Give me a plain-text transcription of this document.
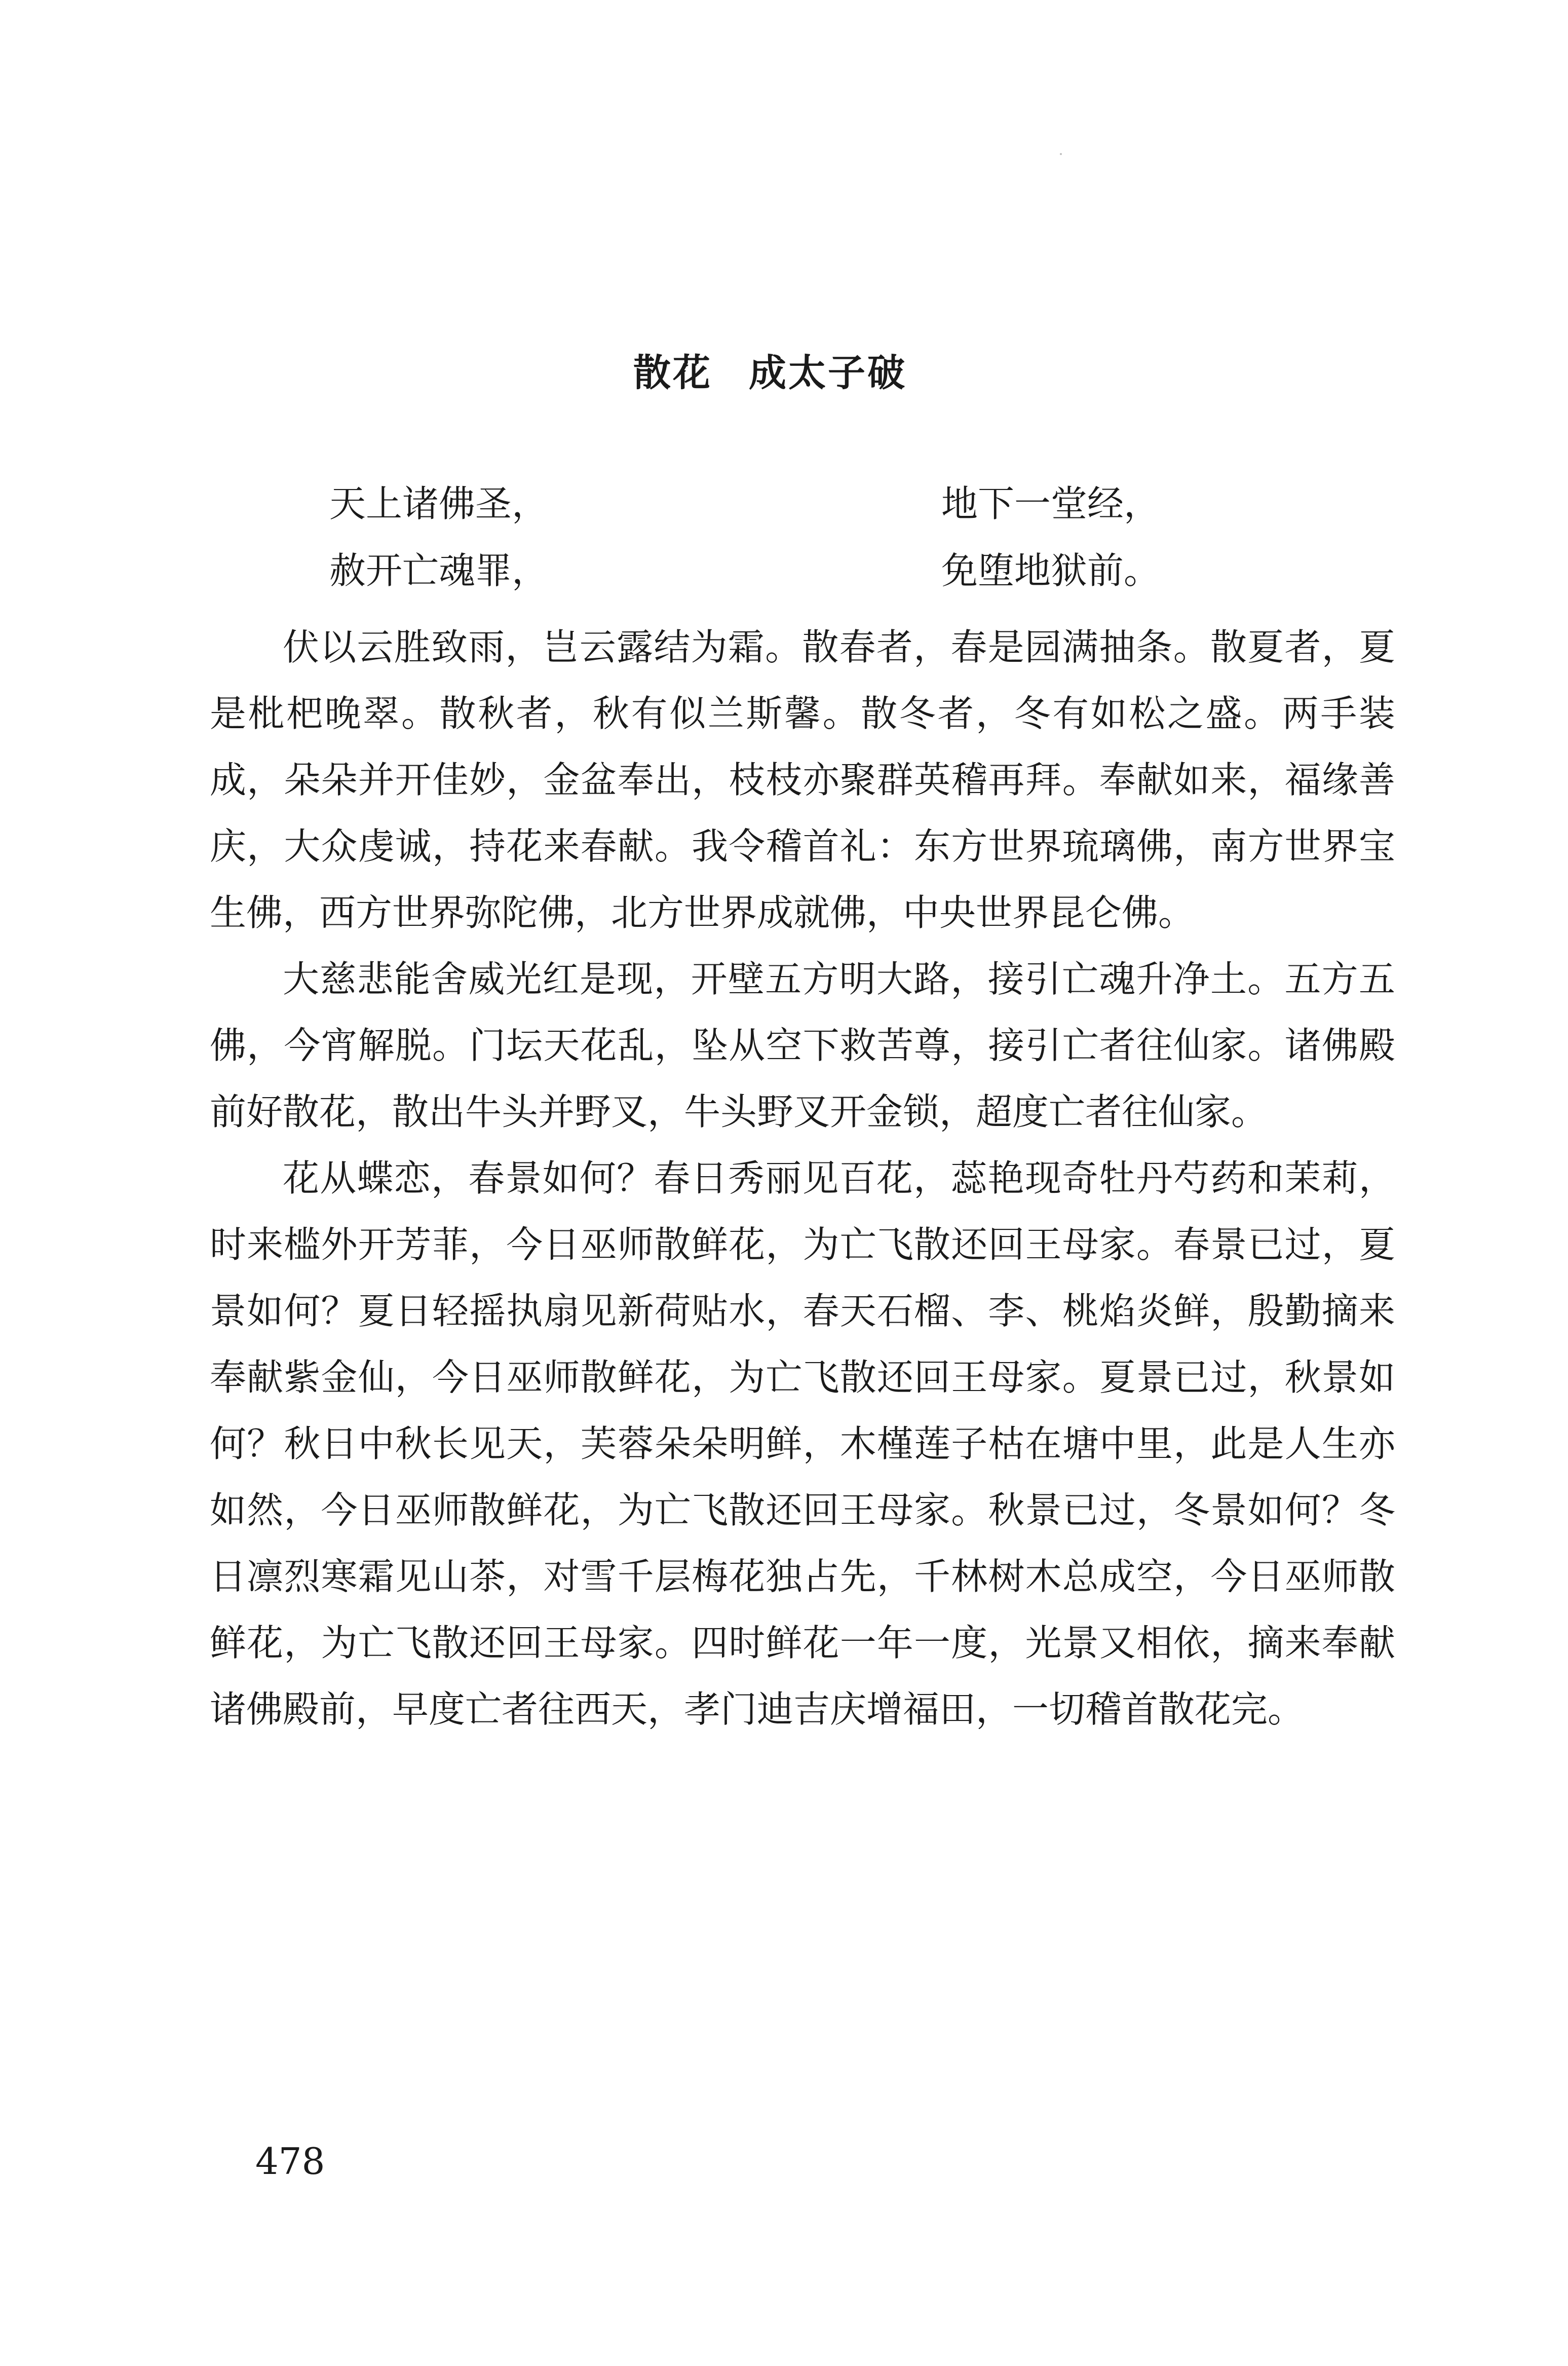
散花 成太子破
天上诸佛圣，	地下一堂经，
赦开亡魂罪，	免堕地狱前。

伏以云胜致雨，岂云露结为霜。散春者，春是园满抽条。散夏者，夏是枇杷晚翠。散秋者，秋有似兰斯馨。散冬者，冬有如松之盛。两手装成，朵朵并开佳妙，金盆奉出，枝枝亦聚群英稽再拜。奉献如来，福缘善庆，大众虔诚，持花来春献。我令稽首礼：东方世界琉璃佛，南方世界宝生佛，西方世界弥陀佛，北方世界成就佛，中央世界昆仑佛。

大慈悲能舍威光红是现，开壁五方明大路，接引亡魂升净土。五方五佛，今宵解脱。门坛天花乱，坠从空下救苦尊，接引亡者往仙家。诸佛殿前好散花，散出牛头并野叉，牛头野叉开金锁，超度亡者往仙家。

花从蝶恋，春景如何？春日秀丽见百花，蕊艳现奇牡丹芍药和茉莉，时来槛外开芳菲，今日巫师散鲜花，为亡飞散还回王母家。春景已过，夏景如何？夏日轻摇执扇见新荷贴水，春天石榴、李、桃焰炎鲜，殷勤摘来奉献紫金仙，今日巫师散鲜花，为亡飞散还回王母家。夏景已过，秋景如何？秋日中秋长见天，芙蓉朵朵明鲜，木槿莲子枯在塘中里，此是人生亦如然，今日巫师散鲜花，为亡飞散还回王母家。秋景已过，冬景如何？冬日凛烈寒霜见山茶，对雪千层梅花独占先，千林树木总成空，今日巫师散鲜花，为亡飞散还回王母家。四时鲜花一年一度，光景又相依，摘来奉献诸佛殿前，早度亡者往西天，孝门迪吉庆增福田，一切稽首散花完。

478
